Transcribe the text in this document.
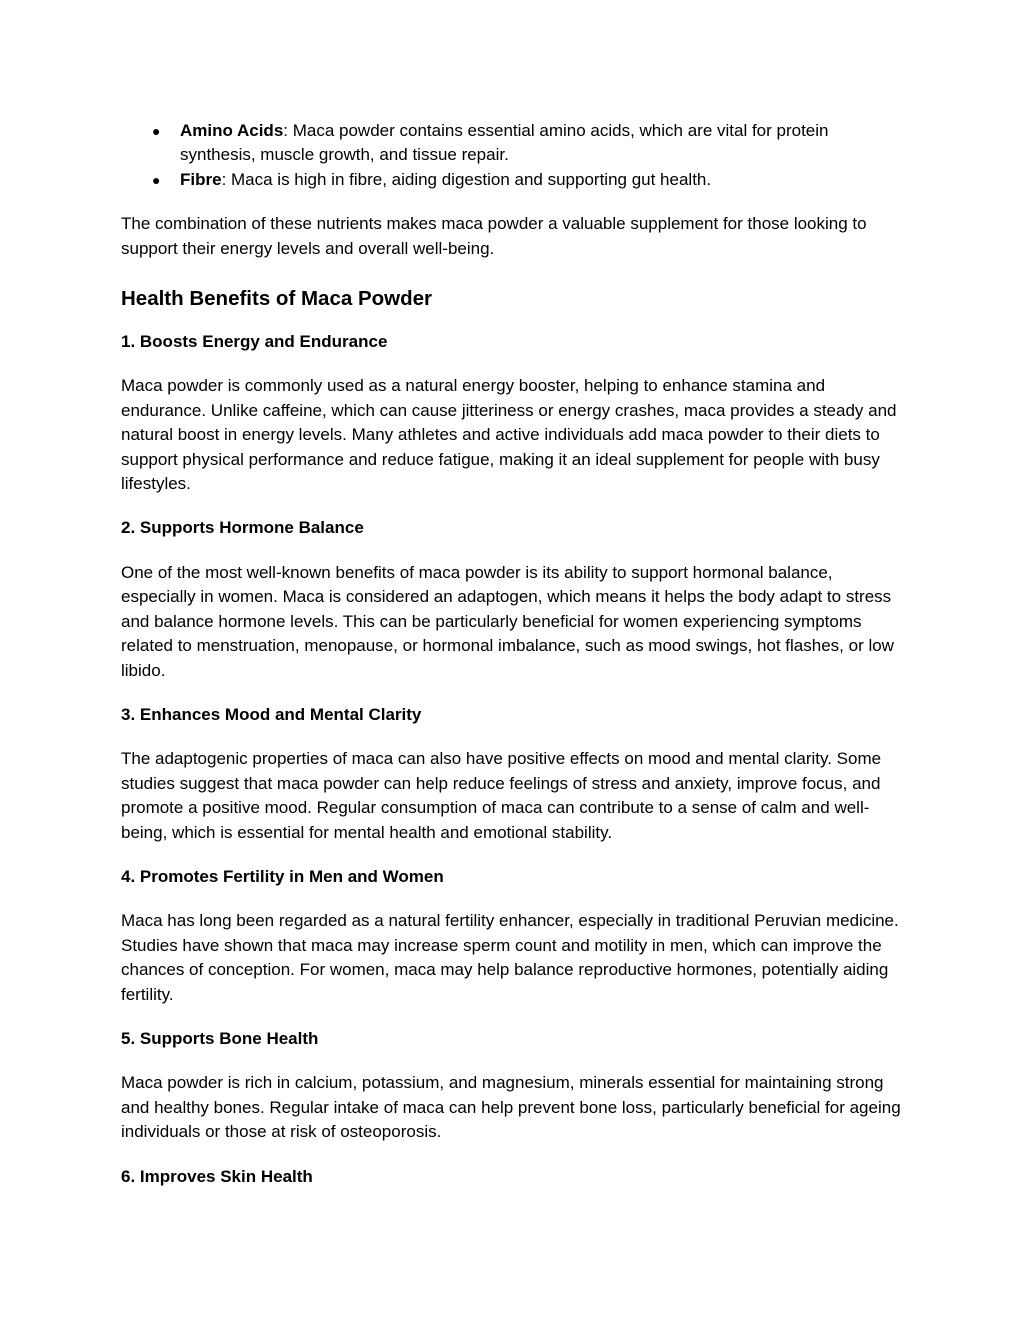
● Amino Acids: Maca powder contains essential amino acids, which are vital for protein synthesis, muscle growth, and tissue repair.
● Fibre: Maca is high in fibre, aiding digestion and supporting gut health.

The combination of these nutrients makes maca powder a valuable supplement for those looking to support their energy levels and overall well-being.

Health Benefits of Maca Powder
1. Boosts Energy and Endurance

Maca powder is commonly used as a natural energy booster, helping to enhance stamina and endurance. Unlike caffeine, which can cause jitteriness or energy crashes, maca provides a steady and natural boost in energy levels. Many athletes and active individuals add maca powder to their diets to support physical performance and reduce fatigue, making it an ideal supplement for people with busy lifestyles.

2. Supports Hormone Balance

One of the most well-known benefits of maca powder is its ability to support hormonal balance, especially in women. Maca is considered an adaptogen, which means it helps the body adapt to stress and balance hormone levels. This can be particularly beneficial for women experiencing symptoms related to menstruation, menopause, or hormonal imbalance, such as mood swings, hot flashes, or low libido.

3. Enhances Mood and Mental Clarity

The adaptogenic properties of maca can also have positive effects on mood and mental clarity. Some studies suggest that maca powder can help reduce feelings of stress and anxiety, improve focus, and promote a positive mood. Regular consumption of maca can contribute to a sense of calm and well-being, which is essential for mental health and emotional stability.

4. Promotes Fertility in Men and Women

Maca has long been regarded as a natural fertility enhancer, especially in traditional Peruvian medicine. Studies have shown that maca may increase sperm count and motility in men, which can improve the chances of conception. For women, maca may help balance reproductive hormones, potentially aiding fertility.

5. Supports Bone Health

Maca powder is rich in calcium, potassium, and magnesium, minerals essential for maintaining strong and healthy bones. Regular intake of maca can help prevent bone loss, particularly beneficial for ageing individuals or those at risk of osteoporosis.

6. Improves Skin Health
